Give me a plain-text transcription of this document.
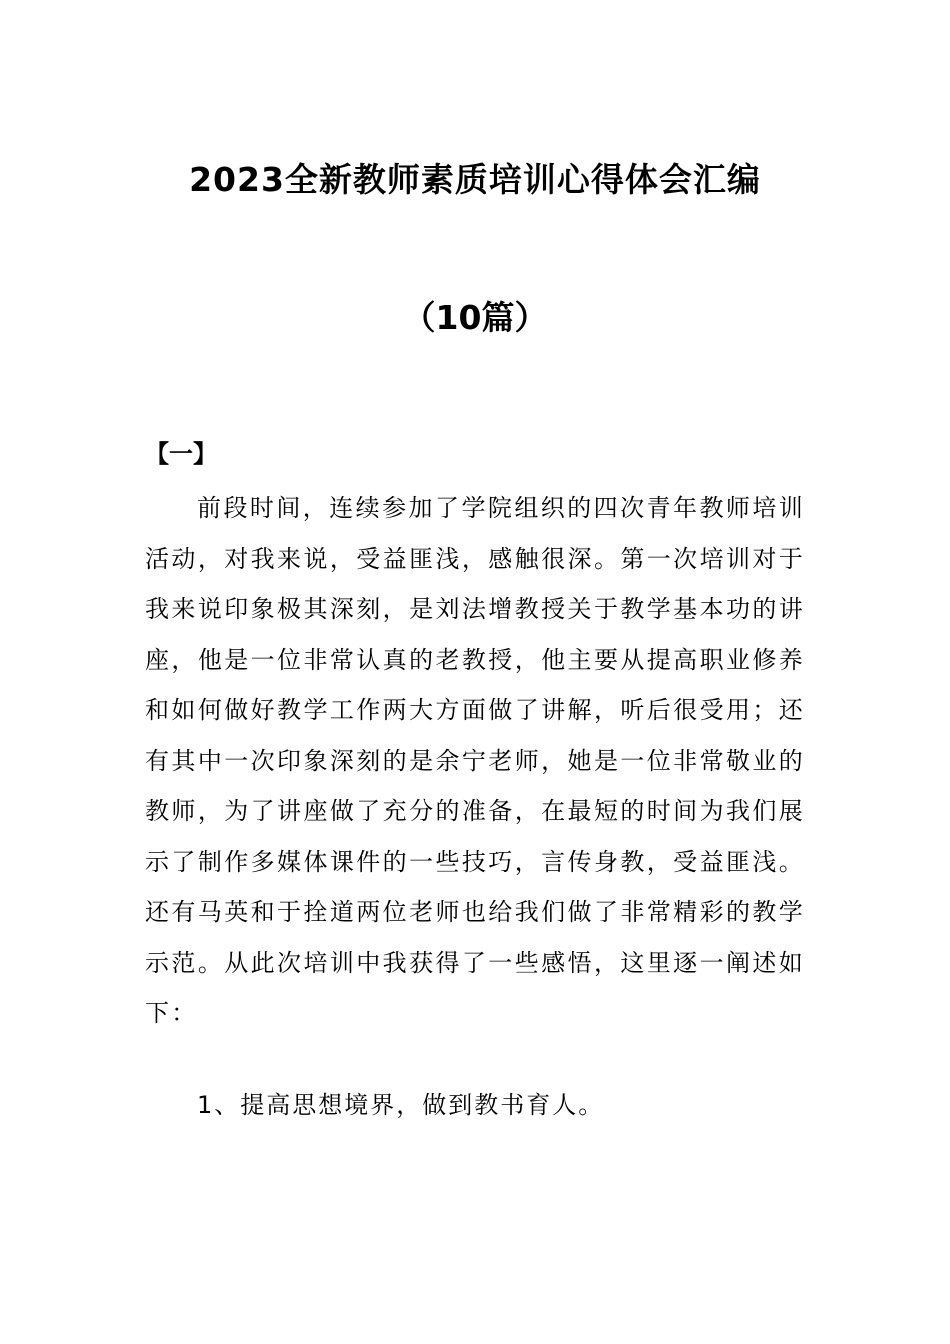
2023全新教师素质培训心得体会汇编
（10篇）
【一】

前段时间，连续参加了学院组织的四次青年教师培训活动，对我来说，受益匪浅，感触很深。第一次培训对于我来说印象极其深刻，是刘法增教授关于教学基本功的讲座，他是一位非常认真的老教授，他主要从提高职业修养和如何做好教学工作两大方面做了讲解，听后很受用；还有其中一次印象深刻的是余宁老师，她是一位非常敬业的教师，为了讲座做了充分的准备，在最短的时间为我们展示了制作多媒体课件的一些技巧，言传身教，受益匪浅。还有马英和于拴道两位老师也给我们做了非常精彩的教学示范。从此次培训中我获得了一些感悟，这里逐一阐述如下：

1、提高思想境界，做到教书育人。
